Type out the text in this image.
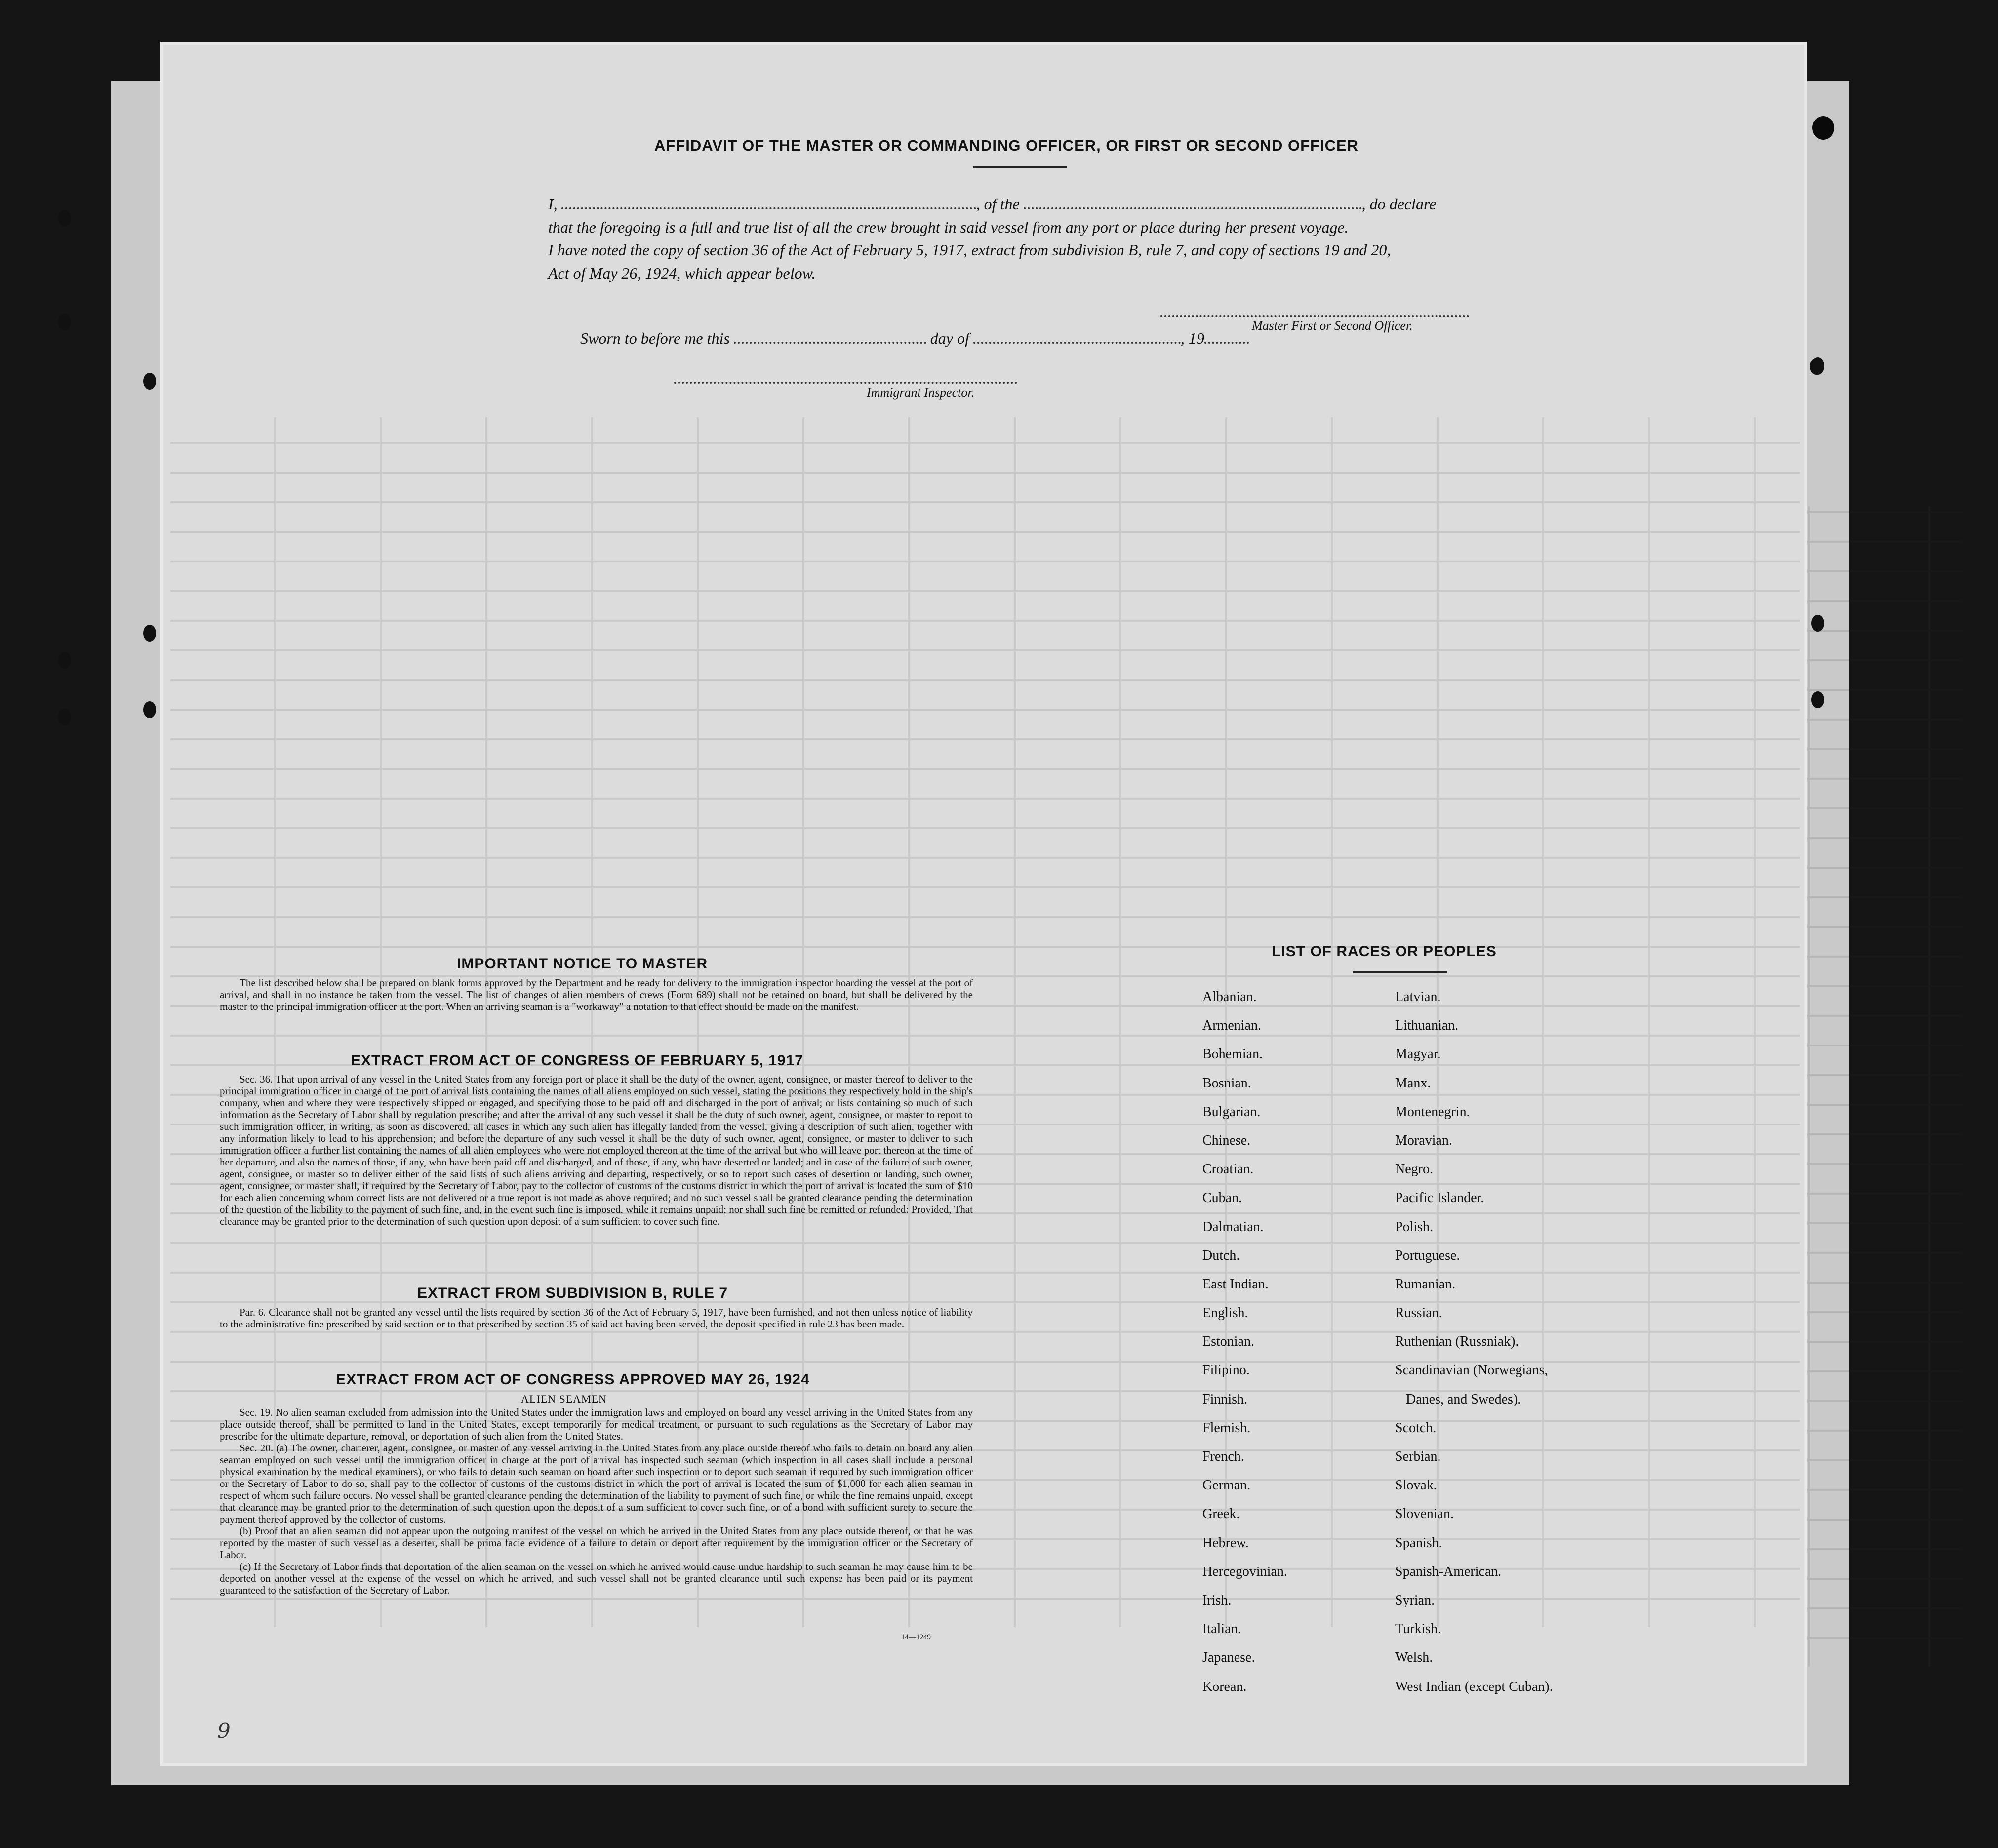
AFFIDAVIT OF THE MASTER OR COMMANDING OFFICER, OR FIRST OR SECOND OFFICER
I,	, of the	, do declare
that the foregoing is a full and true list of all the crew brought in said vessel from any port or place during her present voyage.
I have noted the copy of section 36 of the Act of February 5, 1917, extract from subdivision B, rule 7, and copy of sections 19 and 20,
Act of May 26, 1924, which appear below.
Master First or Second Officer.
Sworn to before me this	day of	, 19
Immigrant Inspector.
IMPORTANT NOTICE TO MASTER

The list described below shall be prepared on blank forms approved by the Department and be ready for delivery to the immigration inspector boarding the vessel at the port of arrival, and shall in no instance be taken from the vessel. The list of changes of alien members of crews (Form 689) shall not be retained on board, but shall be delivered by the master to the principal immigration officer at the port. When an arriving seaman is a "workaway" a notation to that effect should be made on the manifest.

EXTRACT FROM ACT OF CONGRESS OF FEBRUARY 5, 1917

Sec. 36. That upon arrival of any vessel in the United States from any foreign port or place it shall be the duty of the owner, agent, consignee, or master thereof to deliver to the principal immigration officer in charge of the port of arrival lists containing the names of all aliens employed on such vessel, stating the positions they respectively hold in the ship's company, when and where they were respectively shipped or engaged, and specifying those to be paid off and discharged in the port of arrival; or lists containing so much of such information as the Secretary of Labor shall by regulation prescribe; and after the arrival of any such vessel it shall be the duty of such owner, agent, consignee, or master to report to such immigration officer, in writing, as soon as discovered, all cases in which any such alien has illegally landed from the vessel, giving a description of such alien, together with any information likely to lead to his apprehension; and before the departure of any such vessel it shall be the duty of such owner, agent, consignee, or master to deliver to such immigration officer a further list containing the names of all alien employees who were not employed thereon at the time of the arrival but who will leave port thereon at the time of her departure, and also the names of those, if any, who have been paid off and discharged, and of those, if any, who have deserted or landed; and in case of the failure of such owner, agent, consignee, or master so to deliver either of the said lists of such aliens arriving and departing, respectively, or so to report such cases of desertion or landing, such owner, agent, consignee, or master shall, if required by the Secretary of Labor, pay to the collector of customs of the customs district in which the port of arrival is located the sum of $10 for each alien concerning whom correct lists are not delivered or a true report is not made as above required; and no such vessel shall be granted clearance pending the determination of the question of the liability to the payment of such fine, and, in the event such fine is imposed, while it remains unpaid; nor shall such fine be remitted or refunded: Provided, That clearance may be granted prior to the determination of such question upon deposit of a sum sufficient to cover such fine.

EXTRACT FROM SUBDIVISION B, RULE 7

Par. 6. Clearance shall not be granted any vessel until the lists required by section 36 of the Act of February 5, 1917, have been furnished, and not then unless notice of liability to the administrative fine prescribed by said section or to that prescribed by section 35 of said act having been served, the deposit specified in rule 23 has been made.

EXTRACT FROM ACT OF CONGRESS APPROVED MAY 26, 1924
ALIEN SEAMEN

Sec. 19. No alien seaman excluded from admission into the United States under the immigration laws and employed on board any vessel arriving in the United States from any place outside thereof, shall be permitted to land in the United States, except temporarily for medical treatment, or pursuant to such regulations as the Secretary of Labor may prescribe for the ultimate departure, removal, or deportation of such alien from the United States.

Sec. 20. (a) The owner, charterer, agent, consignee, or master of any vessel arriving in the United States from any place outside thereof who fails to detain on board any alien seaman employed on such vessel until the immigration officer in charge at the port of arrival has inspected such seaman (which inspection in all cases shall include a personal physical examination by the medical examiners), or who fails to detain such seaman on board after such inspection or to deport such seaman if required by such immigration officer or the Secretary of Labor to do so, shall pay to the collector of customs of the customs district in which the port of arrival is located the sum of $1,000 for each alien seaman in respect of whom such failure occurs. No vessel shall be granted clearance pending the determination of the liability to payment of such fine, or while the fine remains unpaid, except that clearance may be granted prior to the determination of such question upon the deposit of a sum sufficient to cover such fine, or of a bond with sufficient surety to secure the payment thereof approved by the collector of customs.

(b) Proof that an alien seaman did not appear upon the outgoing manifest of the vessel on which he arrived in the United States from any place outside thereof, or that he was reported by the master of such vessel as a deserter, shall be prima facie evidence of a failure to detain or deport after requirement by the immigration officer or the Secretary of Labor.

(c) If the Secretary of Labor finds that deportation of the alien seaman on the vessel on which he arrived would cause undue hardship to such seaman he may cause him to be deported on another vessel at the expense of the vessel on which he arrived, and such vessel shall not be granted clearance until such expense has been paid or its payment guaranteed to the satisfaction of the Secretary of Labor.

14—1249
LIST OF RACES OR PEOPLES
Albanian.
Armenian.
Bohemian.
Bosnian.
Bulgarian.
Chinese.
Croatian.
Cuban.
Dalmatian.
Dutch.
East Indian.
English.
Estonian.
Filipino.
Finnish.
Flemish.
French.
German.
Greek.
Hebrew.
Hercegovinian.
Irish.
Italian.
Japanese.
Korean.
Latvian.
Lithuanian.
Magyar.
Manx.
Montenegrin.
Moravian.
Negro.
Pacific Islander.
Polish.
Portuguese.
Rumanian.
Russian.
Ruthenian (Russniak).
Scandinavian (Norwegians,
Danes, and Swedes).
Scotch.
Serbian.
Slovak.
Slovenian.
Spanish.
Spanish-American.
Syrian.
Turkish.
Welsh.
West Indian (except Cuban).
9
